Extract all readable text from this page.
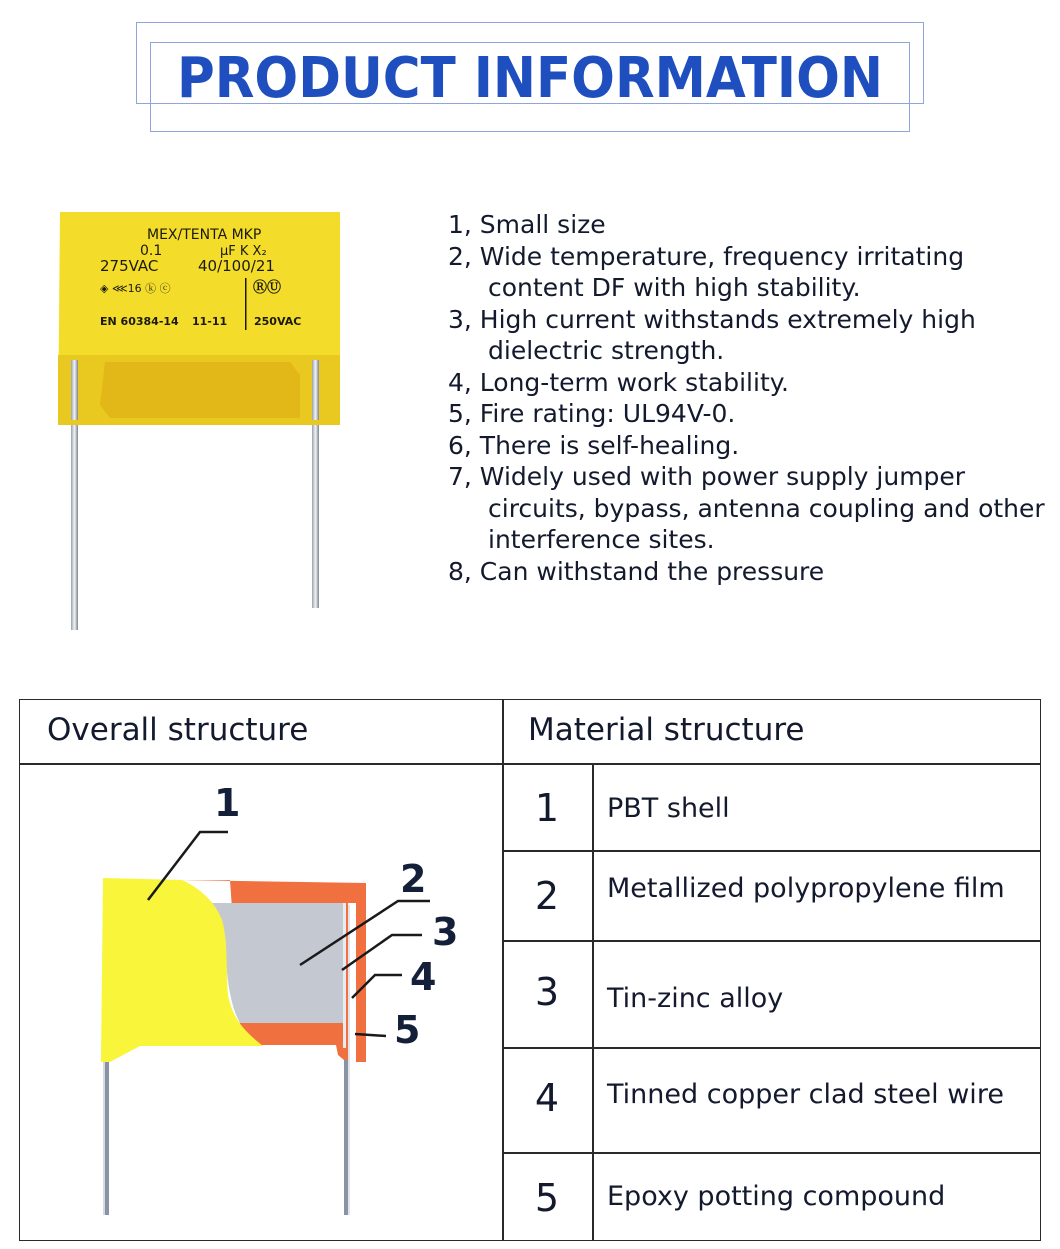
PRODUCT INFORMATION
MEX/TENTA MKP
0.1	µF K X₂
275VAC	40/100/21
◈ ⋘16 ⓚ ⓒ	ⓇⓊ
EN 60384-14 11-11 250VAC
1, Small size
2, Wide temperature, frequency irritating content DF with high stability.
3, High current withstands extremely high dielectric strength.
4, Long-term work stability.
5, Fire rating: UL94V-0.
6, There is self-healing.
7, Widely used with power supply jumper circuits, bypass, antenna coupling and other interference sites.
8, Can withstand the pressure
Overall structure	Material structure
1	PBT shell
2	Metallized polypropylene film
3	Tin-zinc alloy
4	Tinned copper clad steel wire
5	Epoxy potting compound
1
2
3
4
5
